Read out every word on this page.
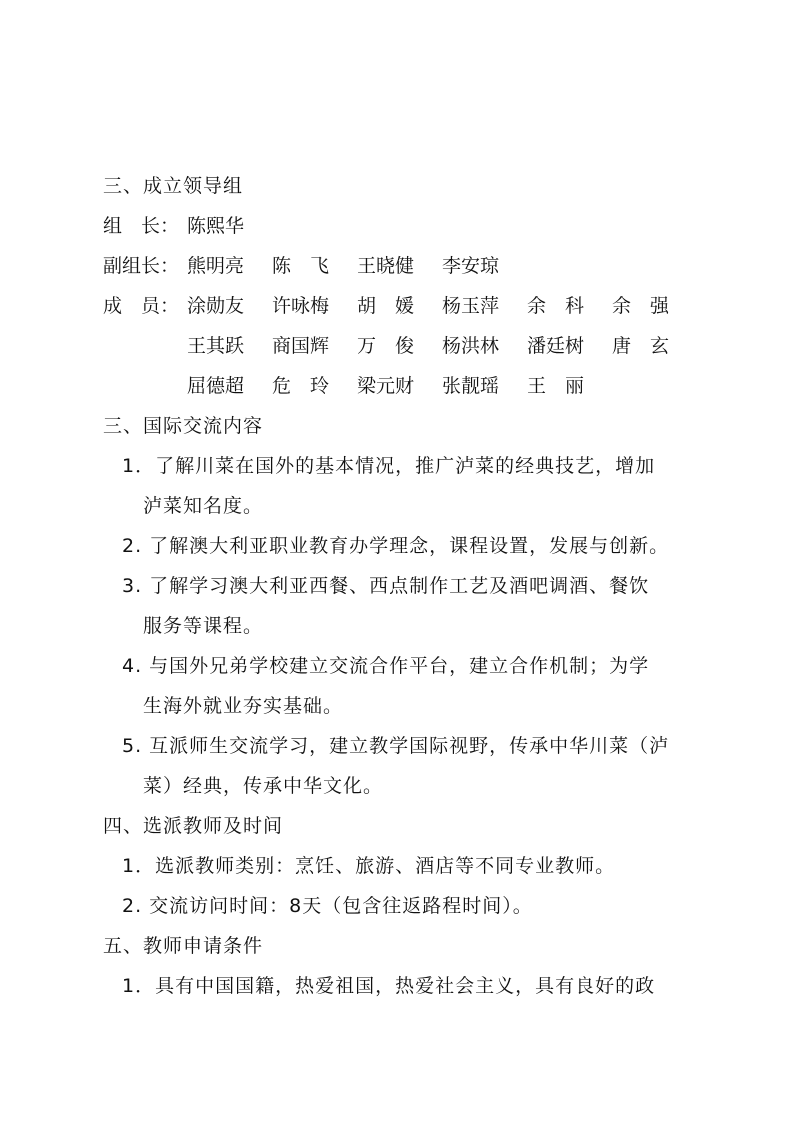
三、成立领导组
组　长： 陈熙华
副组长： 熊明亮 陈　飞 王晓健 李安琼
成　员： 涂勋友 许咏梅 胡　媛 杨玉萍 余　科 余　强
王其跃 商国辉 万　俊 杨洪林 潘廷树 唐　玄
屈德超 危　玲 梁元财 张靓瑶 王　丽
三、国际交流内容
1．了解川菜在国外的基本情况，推广泸菜的经典技艺，增加
泸菜知名度。
2. 了解澳大利亚职业教育办学理念，课程设置，发展与创新。
3. 了解学习澳大利亚西餐、西点制作工艺及酒吧调酒、餐饮
服务等课程。
4. 与国外兄弟学校建立交流合作平台，建立合作机制；为学
生海外就业夯实基础。
5. 互派师生交流学习，建立教学国际视野，传承中华川菜（泸
菜）经典，传承中华文化。
四、选派教师及时间
1．选派教师类别：烹饪、旅游、酒店等不同专业教师。
2. 交流访问时间：8天（包含往返路程时间）。
五、教师申请条件
1．具有中国国籍，热爱祖国，热爱社会主义，具有良好的政
